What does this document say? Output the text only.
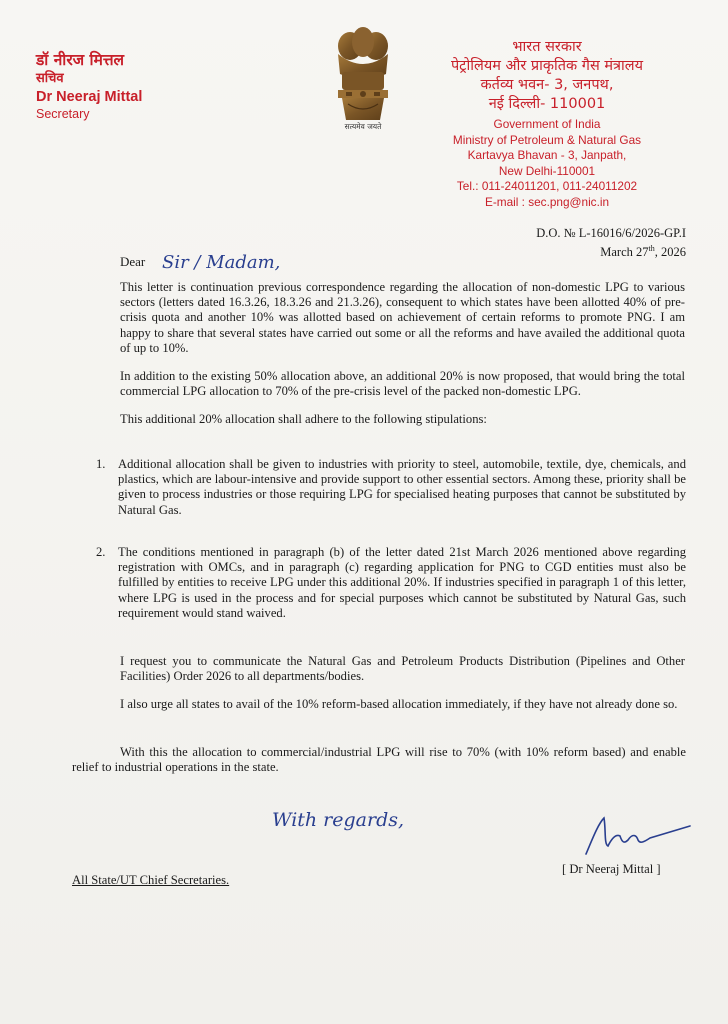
डॉ नीरज मित्तल
सचिव
Dr Neeraj Mittal
Secretary
सत्यमेव जयते
भारत सरकार
पेट्रोलियम और प्राकृतिक गैस मंत्रालय
कर्तव्य भवन- 3, जनपथ,
नई दिल्ली- 110001
Government of India
Ministry of Petroleum & Natural Gas
Kartavya Bhavan - 3, Janpath,
New Delhi-110001
Tel.: 011-24011201, 011-24011202
E-mail : sec.png@nic.in
D.O. № L-16016/6/2026-GP.I
March 27th, 2026
Dear Sir / Madam,

This letter is continuation previous correspondence regarding the allocation of non-domestic LPG to various sectors (letters dated 16.3.26, 18.3.26 and 21.3.26), consequent to which states have been allotted 40% of pre-crisis quota and another 10% was allotted based on achievement of certain reforms to promote PNG. I am happy to share that several states have carried out some or all the reforms and have availed the additional quota of up to 10%.

In addition to the existing 50% allocation above, an additional 20% is now proposed, that would bring the total commercial LPG allocation to 70% of the pre-crisis level of the packed non-domestic LPG.

This additional 20% allocation shall adhere to the following stipulations:

1. Additional allocation shall be given to industries with priority to steel, automobile, textile, dye, chemicals, and plastics, which are labour-intensive and provide support to other essential sectors. Among these, priority shall be given to process industries or those requiring LPG for specialised heating purposes that cannot be substituted by Natural Gas.
2. The conditions mentioned in paragraph (b) of the letter dated 21st March 2026 mentioned above regarding registration with OMCs, and in paragraph (c) regarding application for PNG to CGD entities must also be fulfilled by entities to receive LPG under this additional 20%. If industries specified in paragraph 1 of this letter, where LPG is used in the process and for special purposes which cannot be substituted by Natural Gas, such requirement would stand waived.

I request you to communicate the Natural Gas and Petroleum Products Distribution (Pipelines and Other Facilities) Order 2026 to all departments/bodies.

I also urge all states to avail of the 10% reform-based allocation immediately, if they have not already done so.

With this the allocation to commercial/industrial LPG will rise to 70% (with 10% reform based) and enable relief to industrial operations in the state.
With regards,
[ Dr Neeraj Mittal ]
All State/UT Chief Secretaries.
